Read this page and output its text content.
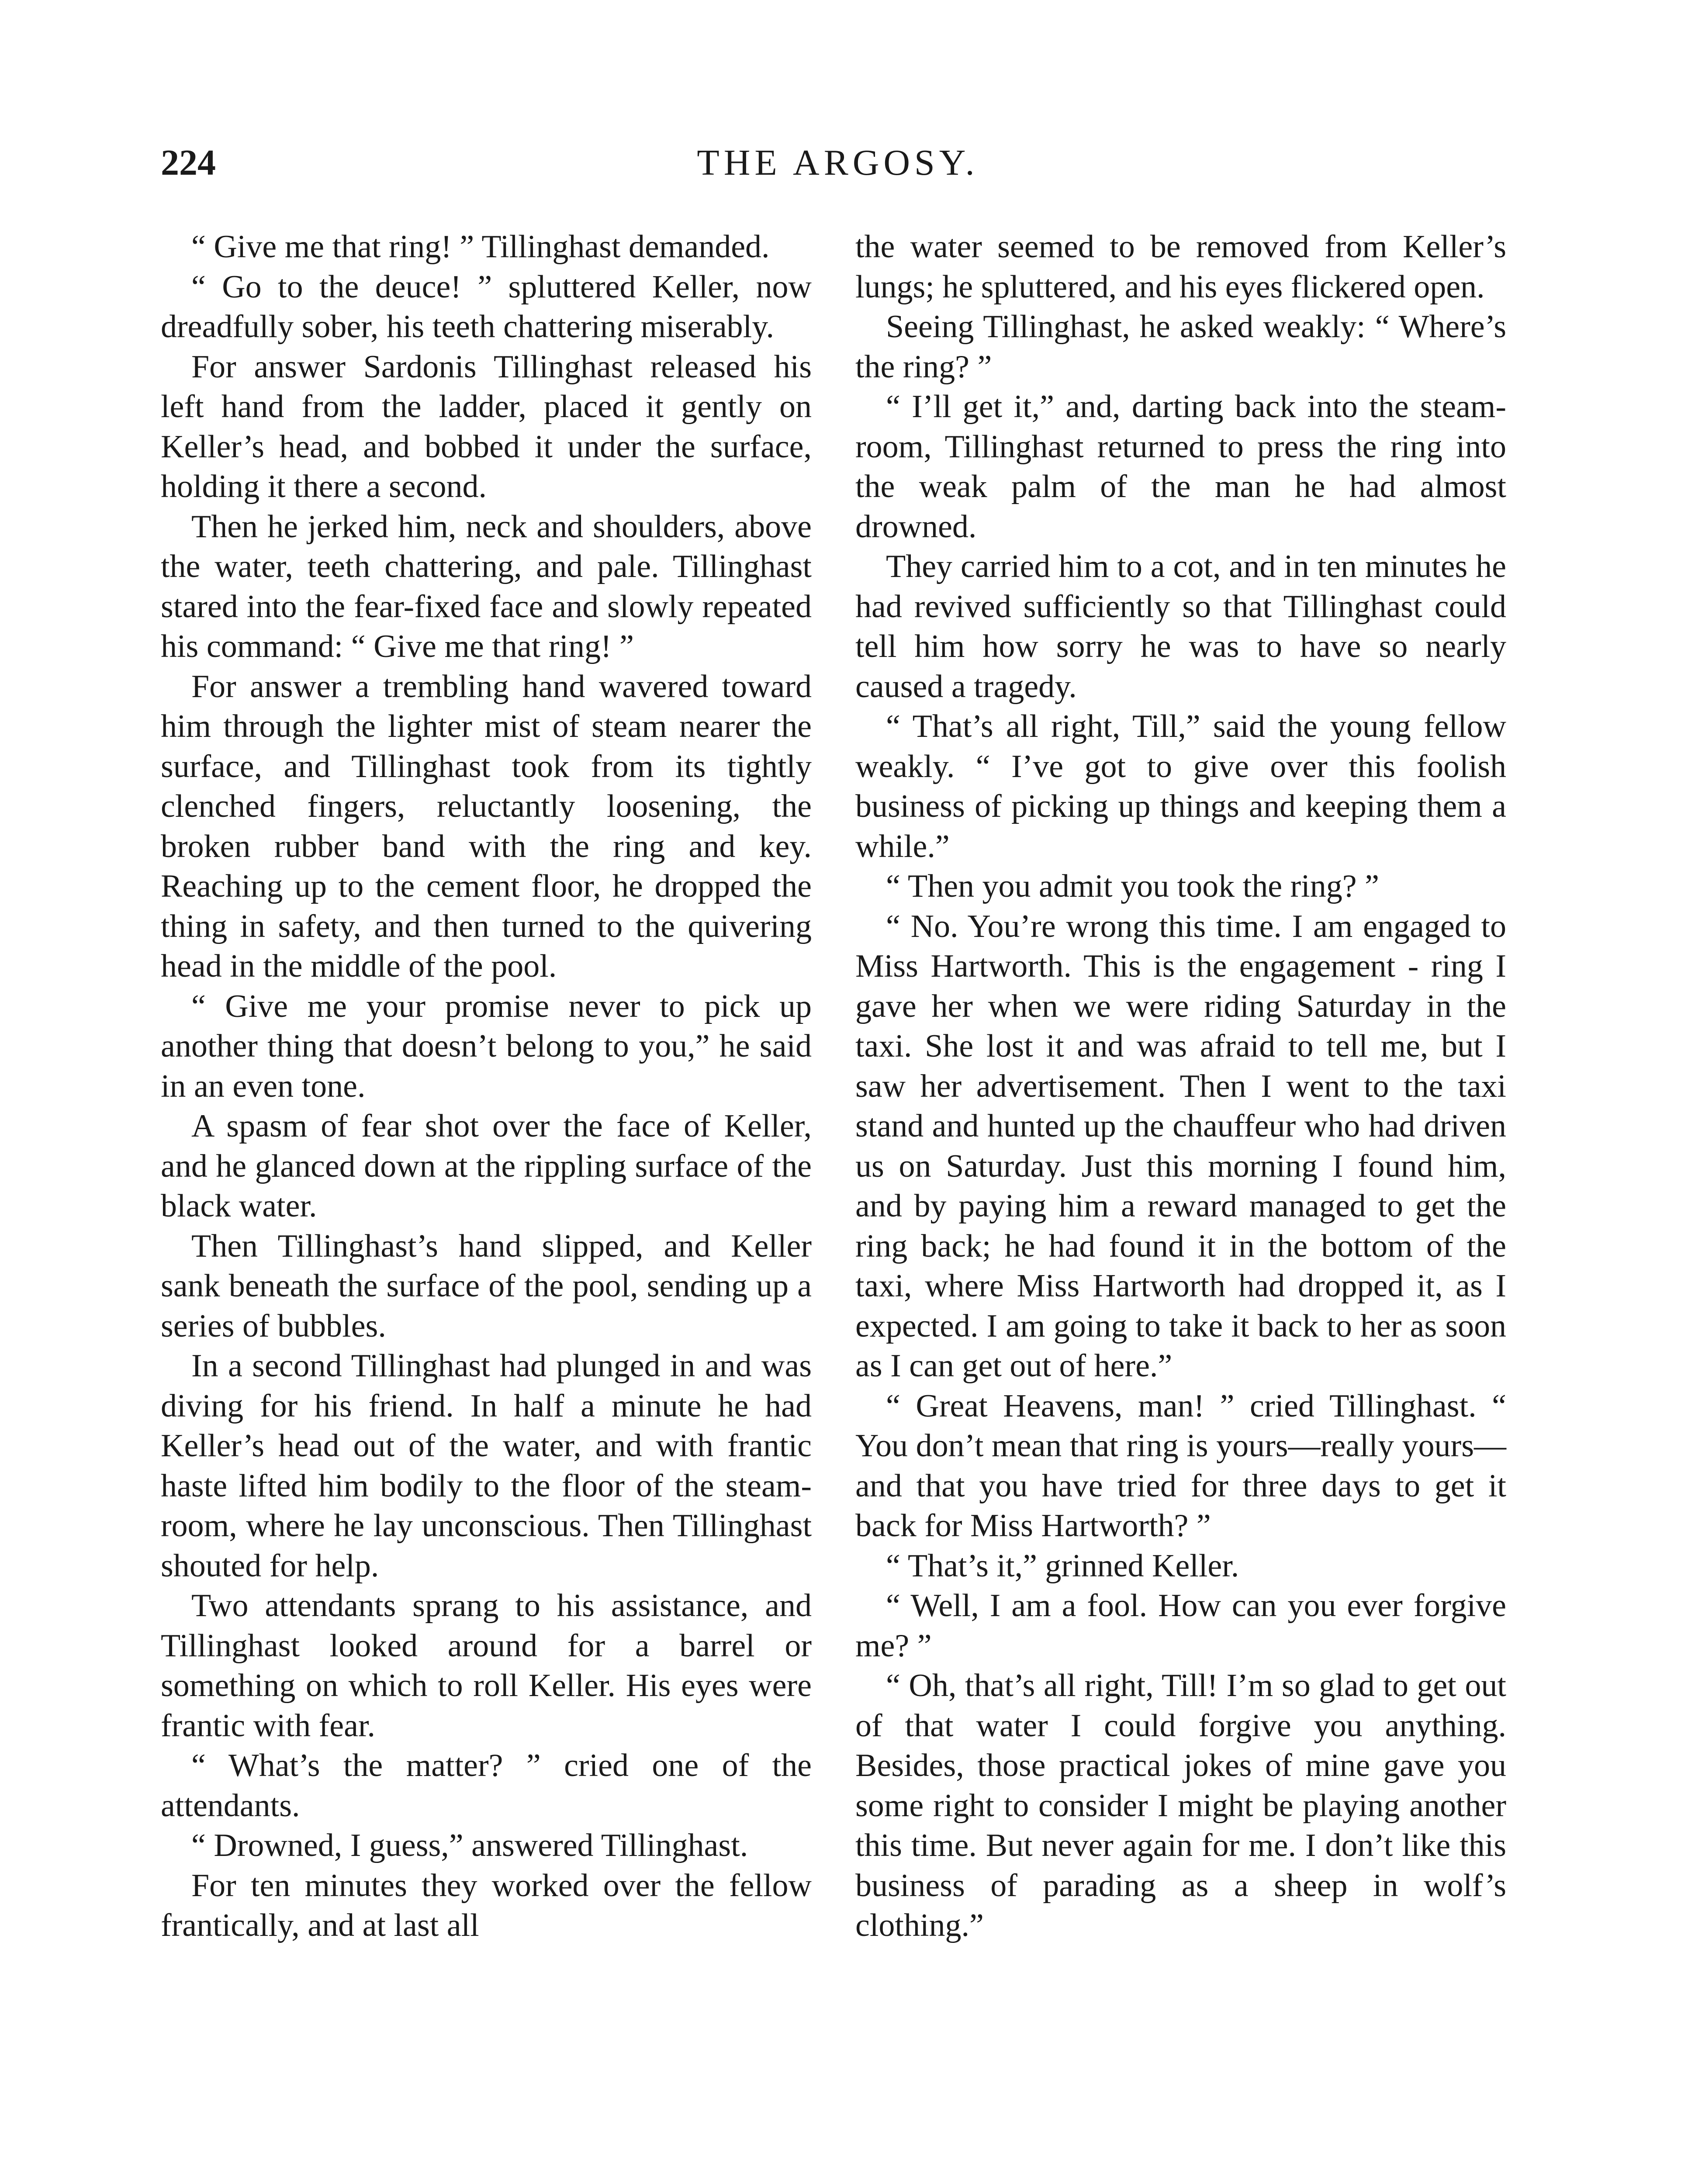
224	THE ARGOSY.

“ Give me that ring! ” Tillinghast demanded.

“ Go to the deuce! ” spluttered Keller, now dreadfully sober, his teeth chattering miserably.

For answer Sardonis Tillinghast released his left hand from the ladder, placed it gently on Keller’s head, and bobbed it under the surface, holding it there a second.

Then he jerked him, neck and shoulders, above the water, teeth chattering, and pale. Tillinghast stared into the fear-fixed face and slowly repeated his command: “ Give me that ring! ”

For answer a trembling hand wavered toward him through the lighter mist of steam nearer the surface, and Tillinghast took from its tightly clenched fingers, reluctantly loosening, the broken rubber band with the ring and key. Reaching up to the cement floor, he dropped the thing in safety, and then turned to the quivering head in the middle of the pool.

“ Give me your promise never to pick up another thing that doesn’t belong to you,” he said in an even tone.

A spasm of fear shot over the face of Keller, and he glanced down at the rippling surface of the black water.

Then Tillinghast’s hand slipped, and Keller sank beneath the surface of the pool, sending up a series of bubbles.

In a second Tillinghast had plunged in and was diving for his friend. In half a minute he had Keller’s head out of the water, and with frantic haste lifted him bodily to the floor of the steam-room, where he lay unconscious. Then Tillinghast shouted for help.

Two attendants sprang to his assistance, and Tillinghast looked around for a barrel or something on which to roll Keller. His eyes were frantic with fear.

“ What’s the matter? ” cried one of the attendants.

“ Drowned, I guess,” answered Tillinghast.

For ten minutes they worked over the fellow frantically, and at last all

the water seemed to be removed from Keller’s lungs; he spluttered, and his eyes flickered open.

Seeing Tillinghast, he asked weakly: “ Where’s the ring? ”

“ I’ll get it,” and, darting back into the steam-room, Tillinghast returned to press the ring into the weak palm of the man he had almost drowned.

They carried him to a cot, and in ten minutes he had revived sufficiently so that Tillinghast could tell him how sorry he was to have so nearly caused a tragedy.

“ That’s all right, Till,” said the young fellow weakly. “ I’ve got to give over this foolish business of picking up things and keeping them a while.”

“ Then you admit you took the ring? ”

“ No. You’re wrong this time. I am engaged to Miss Hartworth. This is the engagement - ring I gave her when we were riding Saturday in the taxi. She lost it and was afraid to tell me, but I saw her advertisement. Then I went to the taxi stand and hunted up the chauffeur who had driven us on Saturday. Just this morning I found him, and by paying him a reward managed to get the ring back; he had found it in the bottom of the taxi, where Miss Hartworth had dropped it, as I expected. I am going to take it back to her as soon as I can get out of here.”

“ Great Heavens, man! ” cried Tillinghast. “ You don’t mean that ring is yours—really yours—and that you have tried for three days to get it back for Miss Hartworth? ”

“ That’s it,” grinned Keller.

“ Well, I am a fool. How can you ever forgive me? ”

“ Oh, that’s all right, Till! I’m so glad to get out of that water I could forgive you anything. Besides, those practical jokes of mine gave you some right to consider I might be playing another this time. But never again for me. I don’t like this business of parading as a sheep in wolf’s clothing.”
